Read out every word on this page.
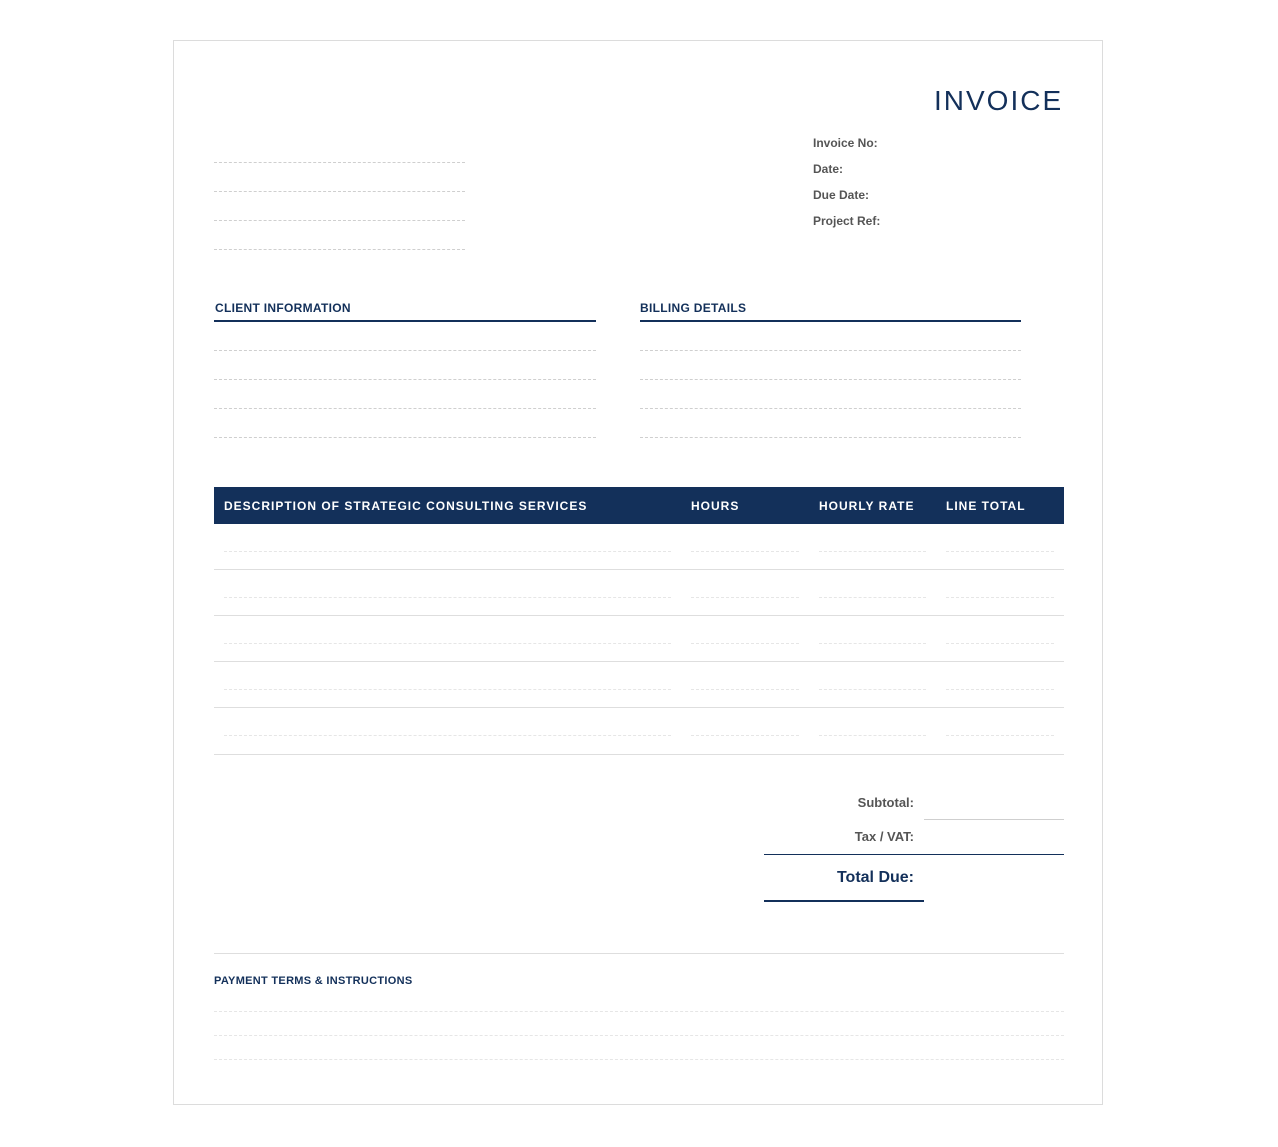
INVOICE
Invoice No:
Date:
Due Date:
Project Ref:
CLIENT INFORMATION	BILLING DETAILS
DESCRIPTION OF STRATEGIC CONSULTING SERVICES	HOURS	HOURLY RATE	LINE TOTAL
Subtotal:
Tax / VAT:
Total Due:
PAYMENT TERMS & INSTRUCTIONS
